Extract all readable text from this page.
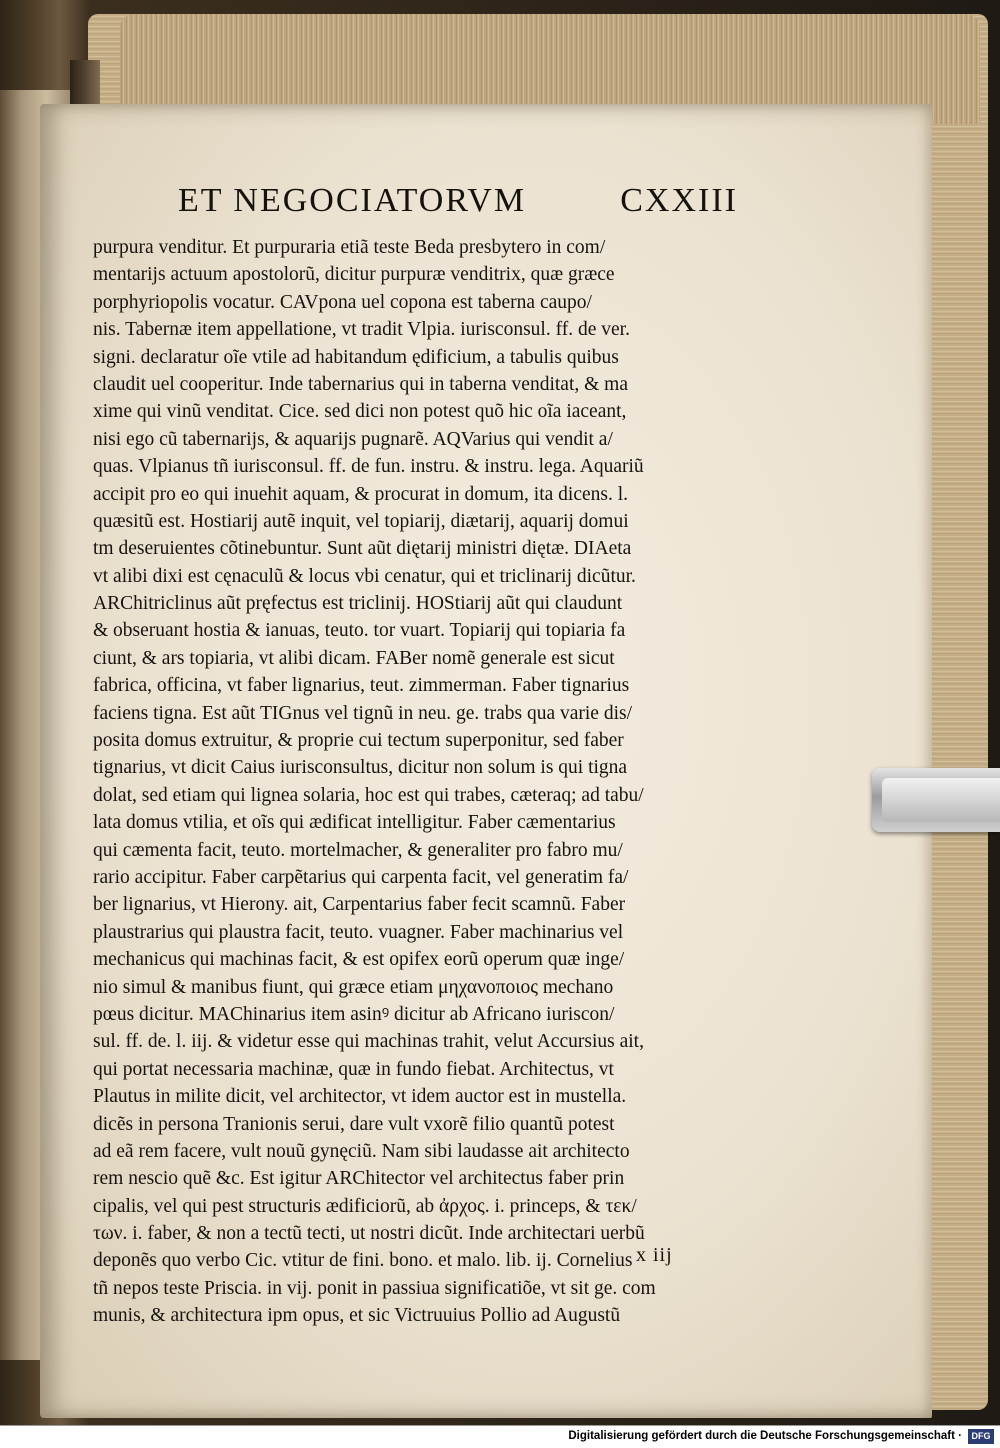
ET NEGOCIATORVM	CXXIII
purpura venditur. Et purpuraria etiã teste Beda presbytero in com/
mentarijs actuum apostolorũ, dicitur purpuræ venditrix, quæ græce
porphyriopolis vocatur. CAVpona uel copona est taberna caupo/
nis. Tabernæ item appellatione, vt tradit Vlpia. iurisconsul. ff. de ver.
signi. declaratur oĩe vtile ad habitandum ędificium, a tabulis quibus
claudit uel cooperitur. Inde tabernarius qui in taberna venditat, & ma
xime qui vinũ venditat. Cice. sed dici non potest quõ hic oĩa iaceant,
nisi ego cũ tabernarijs, & aquarijs pugnarẽ. AQVarius qui vendit a/
quas. Vlpianus tñ iurisconsul. ff. de fun. instru. & instru. lega. Aquariũ
accipit pro eo qui inuehit aquam, & procurat in domum, ita dicens. l.
quæsitũ est. Hostiarij autẽ inquit, vel topiarij, diætarij, aquarij domui
tm deseruientes cõtinebuntur. Sunt aũt diętarij ministri diętæ. DIAeta
vt alibi dixi est cęnaculũ & locus vbi cenatur, qui et triclinarij dicũtur.
ARChitriclinus aũt pręfectus est triclinij. HOStiarij aũt qui claudunt
& obseruant hostia & ianuas, teuto. tor vuart. Topiarij qui topiaria fa
ciunt, & ars topiaria, vt alibi dicam. FABer nomẽ generale est sicut
fabrica, officina, vt faber lignarius, teut. zimmerman. Faber tignarius
faciens tigna. Est aũt TIGnus vel tignũ in neu. ge. trabs qua varie dis/
posita domus extruitur, & proprie cui tectum superponitur, sed faber
tignarius, vt dicit Caius iurisconsultus, dicitur non solum is qui tigna
dolat, sed etiam qui lignea solaria, hoc est qui trabes, cæteraq; ad tabu/
lata domus vtilia, et oĩs qui ædificat intelligitur. Faber cæmentarius
qui cæmenta facit, teuto. mortelmacher, & generaliter pro fabro mu/
rario accipitur. Faber carpẽtarius qui carpenta facit, vel generatim fa/
ber lignarius, vt Hierony. ait, Carpentarius faber fecit scamnũ. Faber
plaustrarius qui plaustra facit, teuto. vuagner. Faber machinarius vel
mechanicus qui machinas facit, & est opifex eorũ operum quæ inge/
nio simul & manibus fiunt, qui græce etiam μηχανοποιος mechano
pœus dicitur. MAChinarius item asinꝰ dicitur ab Africano iuriscon/
sul. ff. de. l. iij. & videtur esse qui machinas trahit, velut Accursius ait,
qui portat necessaria machinæ, quæ in fundo fiebat. Architectus, vt
Plautus in milite dicit, vel architector, vt idem auctor est in mustella.
dicẽs in persona Tranionis serui, dare vult vxorẽ filio quantũ potest
ad eã rem facere, vult nouũ gynęciũ. Nam sibi laudasse ait architecto
rem nescio quẽ &c. Est igitur ARChitector vel architectus faber prin
cipalis, vel qui pest structuris ædificiorũ, ab ἀρχος. i. princeps, & τεκ/
των. i. faber, & non a tectũ tecti, ut nostri dicũt. Inde architectari uerbũ
deponẽs quo verbo Cic. vtitur de fini. bono. et malo. lib. ij. Cornelius
tñ nepos teste Priscia. in vij. ponit in passiua significatiõe, vt sit ge. com
munis, & architectura ipm opus, et sic Victruuius Pollio ad Augustũ
x iij
Digitalisierung gefördert durch die Deutsche Forschungsgemeinschaft ·	DFG
